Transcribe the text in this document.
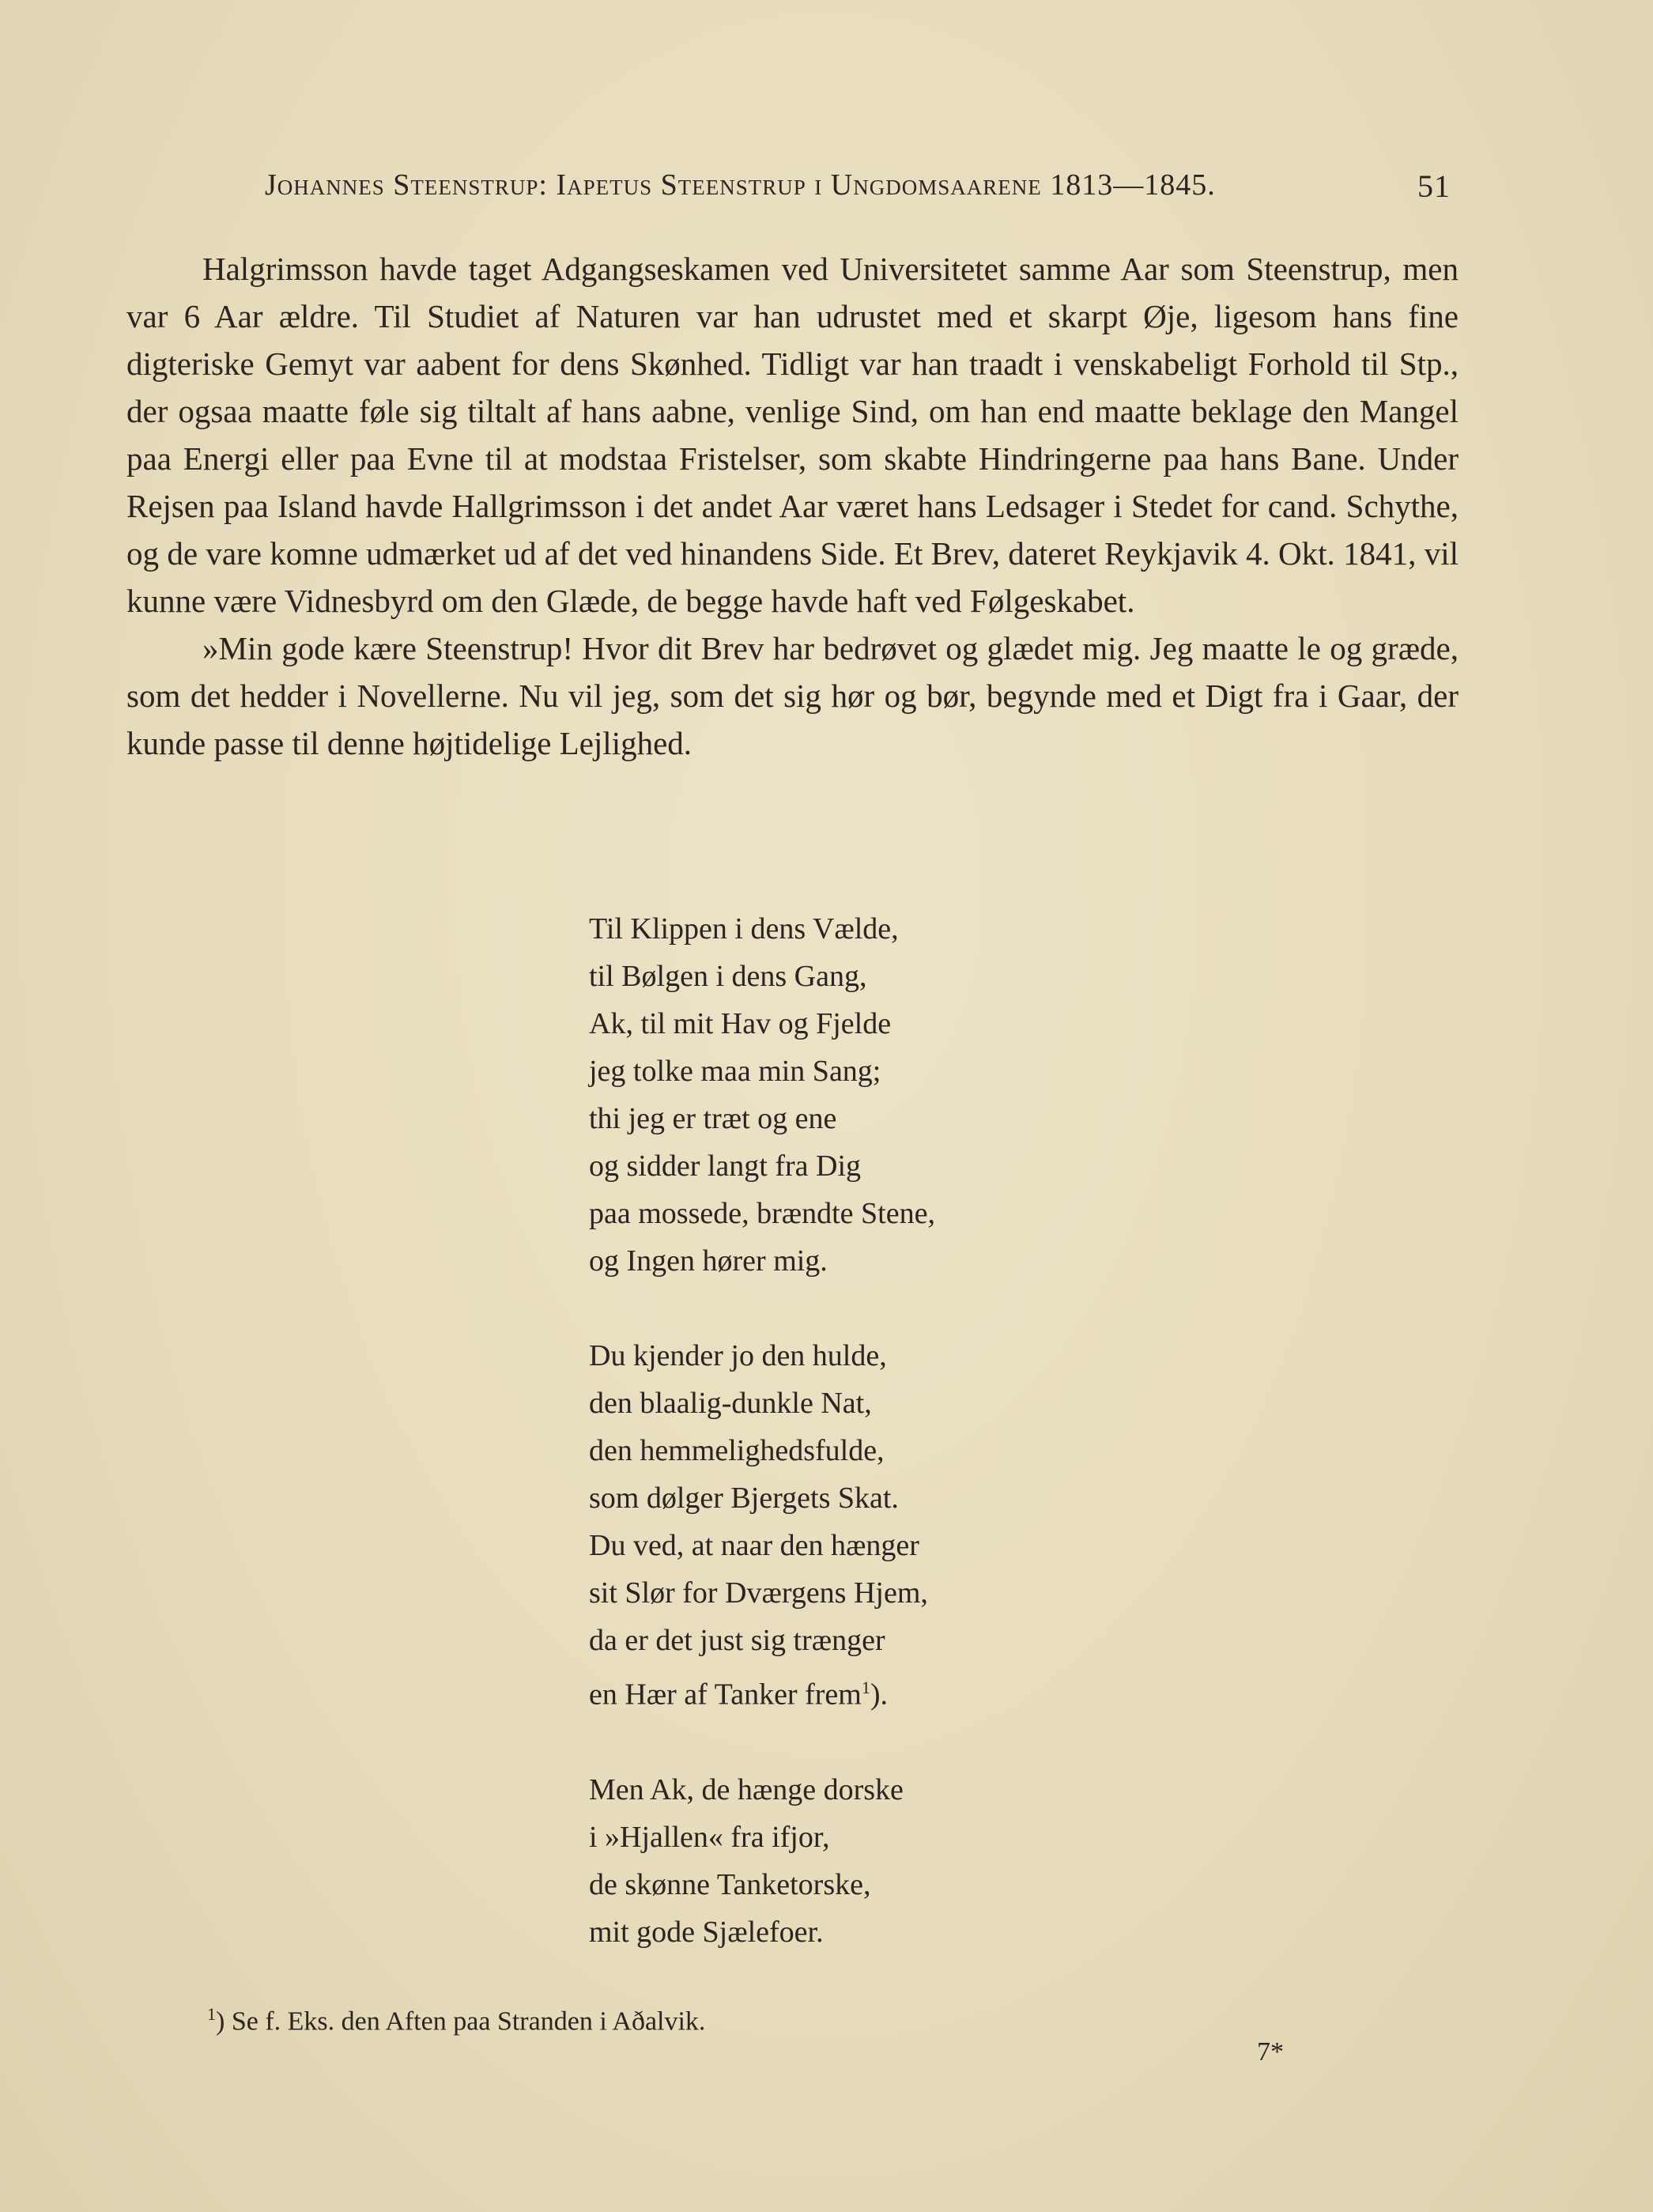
Johannes Steenstrup: Iapetus Steenstrup i Ungdomsaarene 1813—1845.	51

Halgrimsson havde taget Adgangseskamen ved Universitetet samme Aar som Steenstrup, men var 6 Aar ældre. Til Studiet af Naturen var han udrustet med et skarpt Øje, ligesom hans fine digteriske Gemyt var aabent for dens Skønhed. Tidligt var han traadt i venskabeligt Forhold til Stp., der ogsaa maatte føle sig tiltalt af hans aabne, venlige Sind, om han end maatte beklage den Mangel paa Energi eller paa Evne til at modstaa Fristelser, som skabte Hindringerne paa hans Bane. Under Rejsen paa Island havde Hallgrimsson i det andet Aar været hans Ledsager i Stedet for cand. Schythe, og de vare komne udmærket ud af det ved hinandens Side. Et Brev, dateret Reykjavik 4. Okt. 1841, vil kunne være Vidnesbyrd om den Glæde, de begge havde haft ved Følgeskabet.

»Min gode kære Steenstrup! Hvor dit Brev har bedrøvet og glædet mig. Jeg maatte le og græde, som det hedder i Novellerne. Nu vil jeg, som det sig hør og bør, begynde med et Digt fra i Gaar, der kunde passe til denne højtidelige Lejlighed.

Til Klippen i dens Vælde,
til Bølgen i dens Gang,
Ak, til mit Hav og Fjelde
jeg tolke maa min Sang;
thi jeg er træt og ene
og sidder langt fra Dig
paa mossede, brændte Stene,
og Ingen hører mig.
Du kjender jo den hulde,
den blaalig-dunkle Nat,
den hemmelighedsfulde,
som dølger Bjergets Skat.
Du ved, at naar den hænger
sit Slør for Dværgens Hjem,
da er det just sig trænger
en Hær af Tanker frem$^1$).
Men Ak, de hænge dorske
i »Hjallen« fra ifjor,
de skønne Tanketorske,
mit gode Sjælefoer.
$^1$) Se f. Eks. den Aften paa Stranden i Aðalvik.
7*
